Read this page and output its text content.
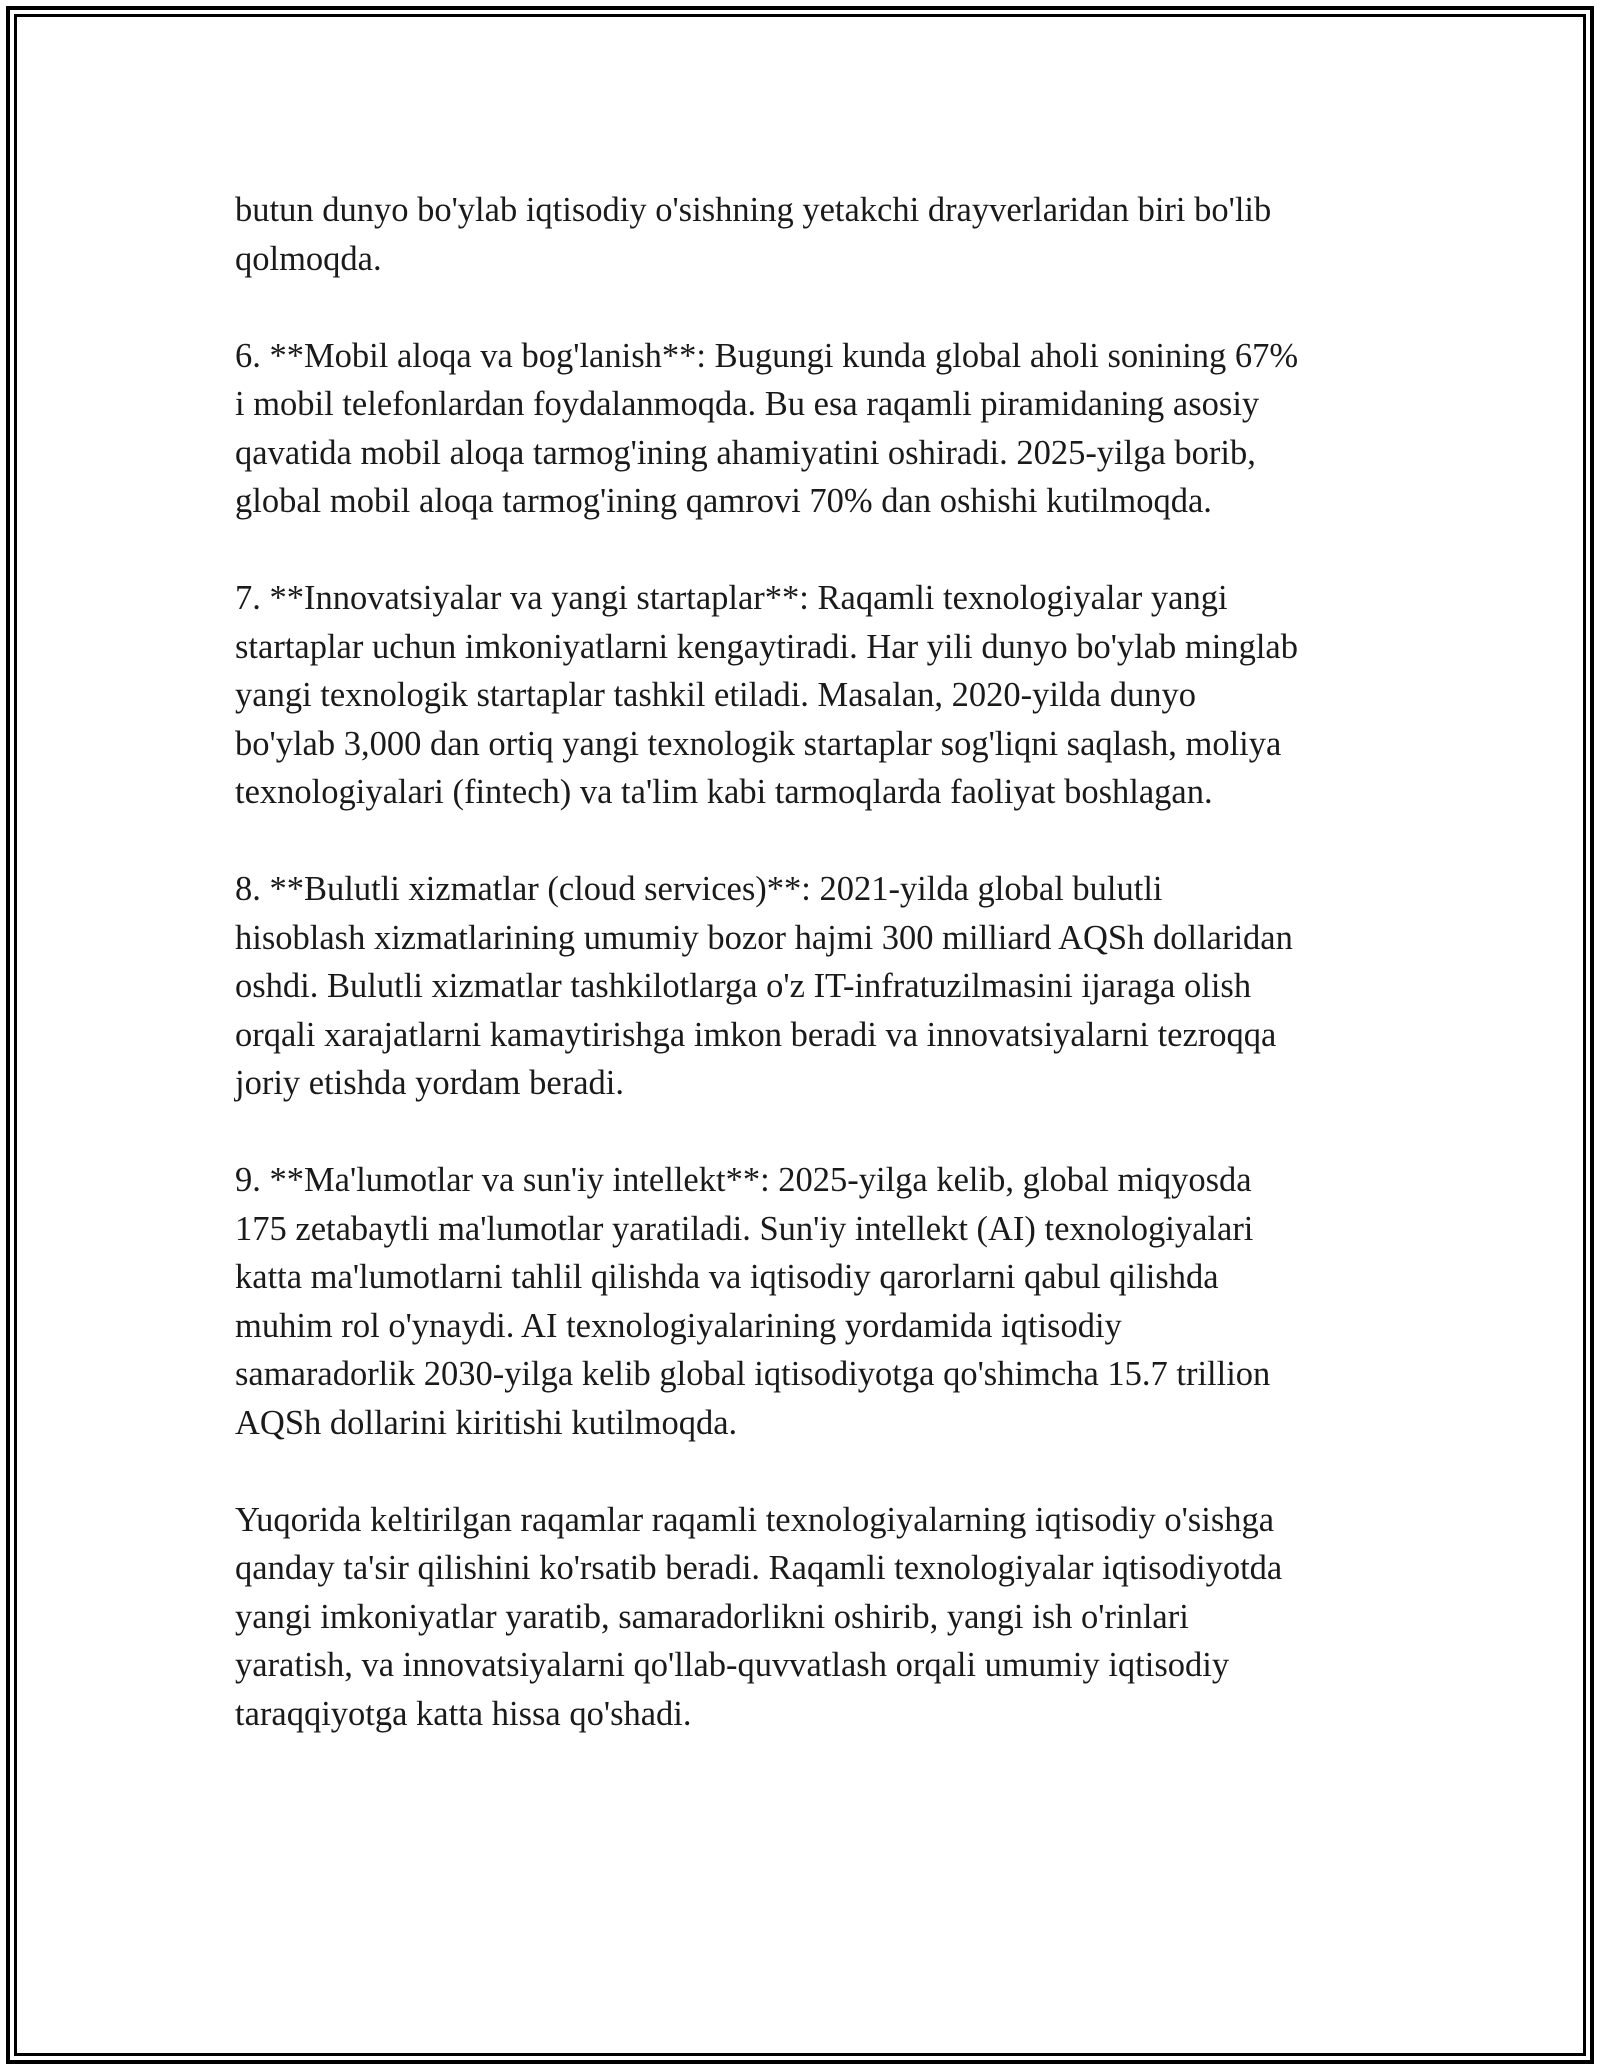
butun dunyo bo'ylab iqtisodiy o'sishning yetakchi drayverlaridan biri bo'lib
qolmoqda.

6. **Mobil aloqa va bog'lanish**: Bugungi kunda global aholi sonining 67%
i mobil telefonlardan foydalanmoqda. Bu esa raqamli piramidaning asosiy
qavatida mobil aloqa tarmog'ining ahamiyatini oshiradi. 2025-yilga borib,
global mobil aloqa tarmog'ining qamrovi 70% dan oshishi kutilmoqda.

7. **Innovatsiyalar va yangi startaplar**: Raqamli texnologiyalar yangi
startaplar uchun imkoniyatlarni kengaytiradi. Har yili dunyo bo'ylab minglab
yangi texnologik startaplar tashkil etiladi. Masalan, 2020-yilda dunyo
bo'ylab 3,000 dan ortiq yangi texnologik startaplar sog'liqni saqlash, moliya
texnologiyalari (fintech) va ta'lim kabi tarmoqlarda faoliyat boshlagan.

8. **Bulutli xizmatlar (cloud services)**: 2021-yilda global bulutli
hisoblash xizmatlarining umumiy bozor hajmi 300 milliard AQSh dollaridan
oshdi. Bulutli xizmatlar tashkilotlarga o'z IT-infratuzilmasini ijaraga olish
orqali xarajatlarni kamaytirishga imkon beradi va innovatsiyalarni tezroqqa
joriy etishda yordam beradi.

9. **Ma'lumotlar va sun'iy intellekt**: 2025-yilga kelib, global miqyosda
175 zetabaytli ma'lumotlar yaratiladi. Sun'iy intellekt (AI) texnologiyalari
katta ma'lumotlarni tahlil qilishda va iqtisodiy qarorlarni qabul qilishda
muhim rol o'ynaydi. AI texnologiyalarining yordamida iqtisodiy
samaradorlik 2030-yilga kelib global iqtisodiyotga qo'shimcha 15.7 trillion
AQSh dollarini kiritishi kutilmoqda.

Yuqorida keltirilgan raqamlar raqamli texnologiyalarning iqtisodiy o'sishga
qanday ta'sir qilishini ko'rsatib beradi. Raqamli texnologiyalar iqtisodiyotda
yangi imkoniyatlar yaratib, samaradorlikni oshirib, yangi ish o'rinlari
yaratish, va innovatsiyalarni qo'llab-quvvatlash orqali umumiy iqtisodiy
taraqqiyotga katta hissa qo'shadi.
